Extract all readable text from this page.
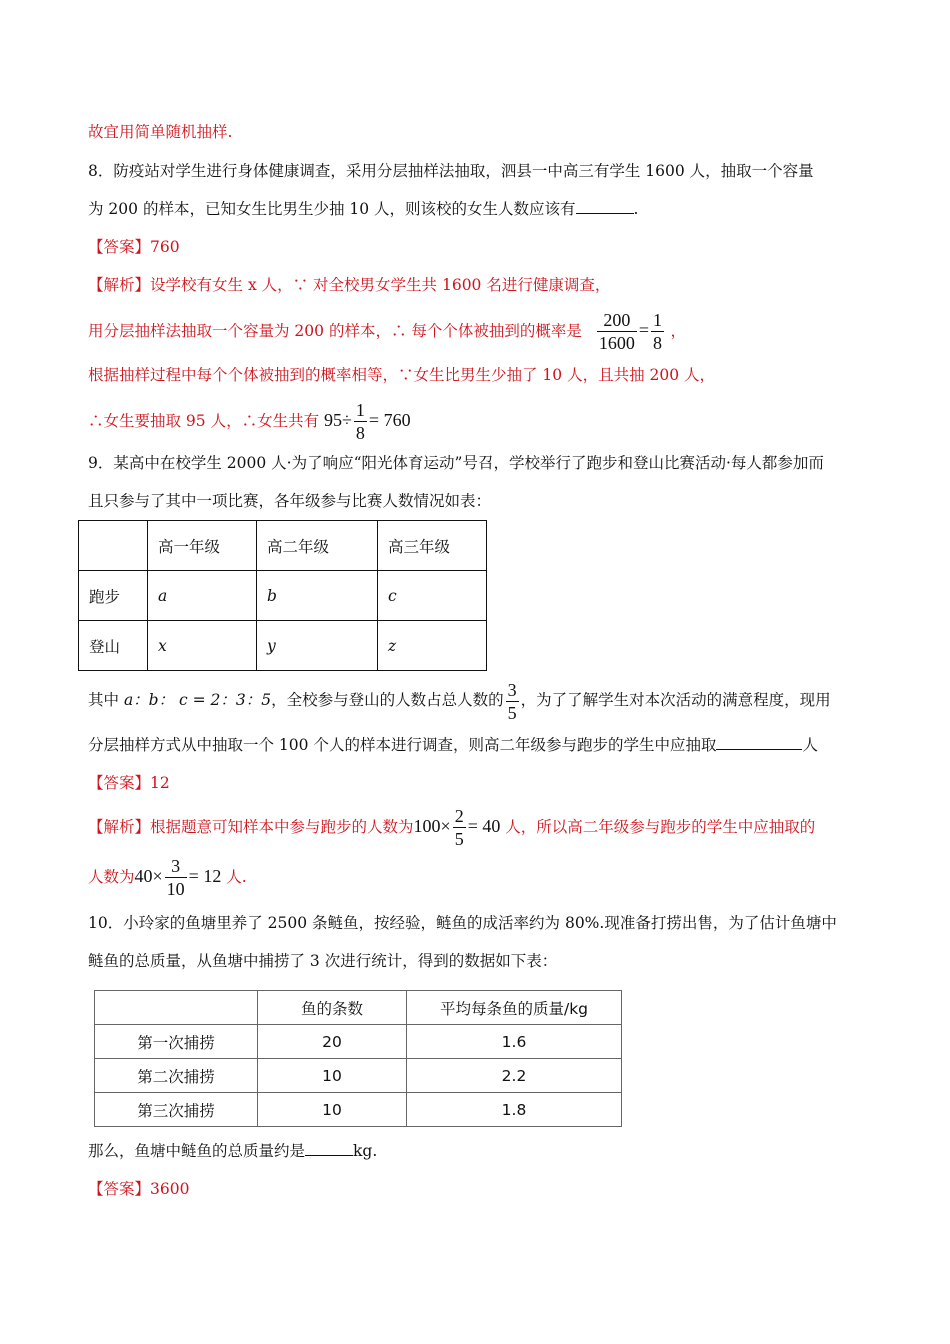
故宜用简单随机抽样.
8．防疫站对学生进行身体健康调查，采用分层抽样法抽取，泗县一中高三有学生 1600 人，抽取一个容量
为 200 的样本，已知女生比男生少抽 10 人，则该校的女生人数应该有	.
【答案】760
【解析】设学校有女生 x 人，∵ 对全校男女学生共 1600 名进行健康调查，
用分层抽样法抽取一个容量为 200 的样本，∴ 每个个体被抽到的概率是 $\frac{200}{1600} = \frac{1}{8}$ ，
根据抽样过程中每个个体被抽到的概率相等，∵女生比男生少抽了 10 人，且共抽 200 人，
∴女生要抽取 95 人，∴女生共有 $95\div \frac{1}{8} = 760$
9．某高中在校学生 2000 人·为了响应“阳光体育运动”号召，学校举行了跑步和登山比赛活动·每人都参加而
且只参与了其中一项比赛，各年级参与比赛人数情况如表：
	高一年级	高二年级	高三年级
跑步	a	b	c
登山	x	y	z
其中 a：b： c = 2：3：5，全校参与登山的人数占总人数的 $\frac{3}{5}$ ，为了了解学生对本次活动的满意程度，现用
分层抽样方式从中抽取一个 100 个人的样本进行调查，则高二年级参与跑步的学生中应抽取	人
【答案】12
【解析】根据题意可知样本中参与跑步的人数为$100\times \frac{2}{5} = 40$ 人，所以高二年级参与跑步的学生中应抽取的
人数为$40\times \frac{3}{10} = 12$ 人.
10．小玲家的鱼塘里养了 2500 条鲢鱼，按经验，鲢鱼的成活率约为 80%.现准备打捞出售，为了估计鱼塘中
鲢鱼的总质量，从鱼塘中捕捞了 3 次进行统计，得到的数据如下表：
	鱼的条数	平均每条鱼的质量/kg
第一次捕捞	20	1.6
第二次捕捞	10	2.2
第三次捕捞	10	1.8
那么，鱼塘中鲢鱼的总质量约是	kg.
【答案】3600
